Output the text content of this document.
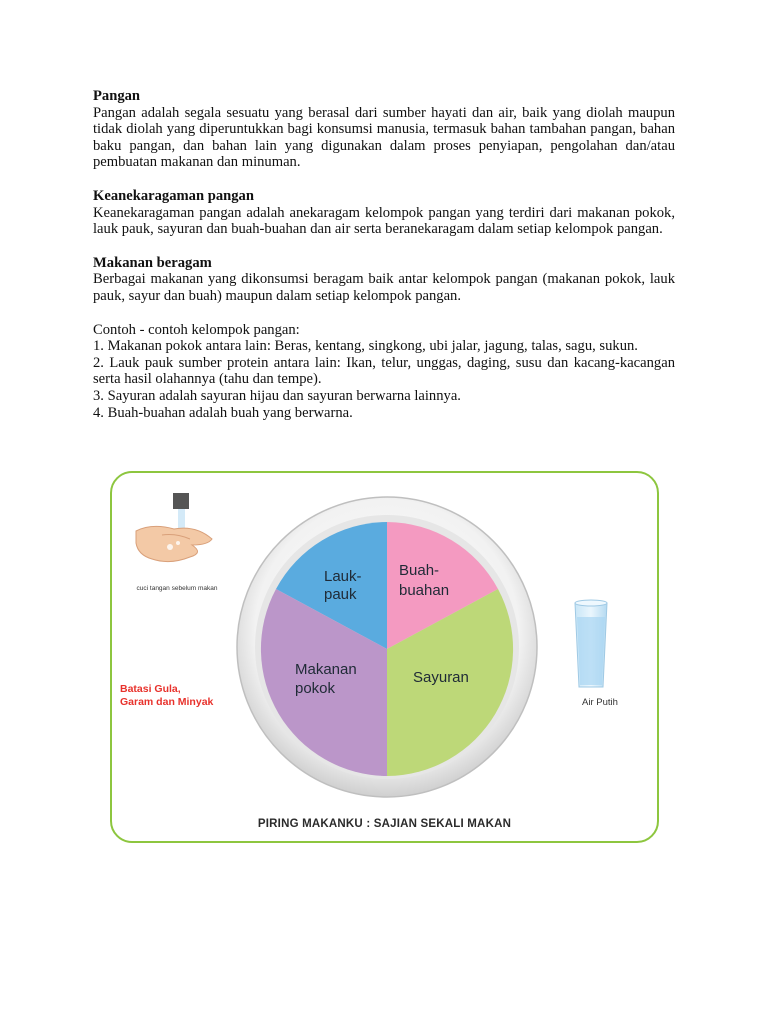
Pangan

Pangan adalah segala sesuatu yang berasal dari sumber hayati dan air, baik yang diolah maupun tidak diolah yang diperuntukkan bagi konsumsi manusia, termasuk bahan tambahan pangan, bahan baku pangan, dan bahan lain yang digunakan dalam proses penyiapan, pengolahan dan/atau pembuatan makanan dan minuman.

Keanekaragaman pangan

Keanekaragaman pangan adalah anekaragam kelompok pangan yang terdiri dari makanan pokok, lauk pauk, sayuran dan buah-buahan dan air serta beranekaragam dalam setiap kelompok pangan.

Makanan beragam

Berbagai makanan yang dikonsumsi beragam baik antar kelompok pangan (makanan pokok, lauk pauk, sayur dan buah) maupun dalam setiap kelompok pangan.

Contoh - contoh kelompok pangan:

1. Makanan pokok antara lain: Beras, kentang, singkong, ubi jalar, jagung, talas, sagu, sukun.
2. Lauk pauk sumber protein antara lain: Ikan, telur, unggas, daging, susu dan kacang-kacangan serta hasil olahannya (tahu dan tempe).
3. Sayuran adalah sayuran hijau dan sayuran berwarna lainnya.
4. Buah-buahan adalah buah yang berwarna.
Lauk-
pauk
Buah-
buahan
Makanan
pokok
Sayuran
cuci tangan sebelum makan
Batasi Gula,
Garam dan Minyak	Air Putih
PIRING MAKANKU : SAJIAN SEKALI MAKAN
